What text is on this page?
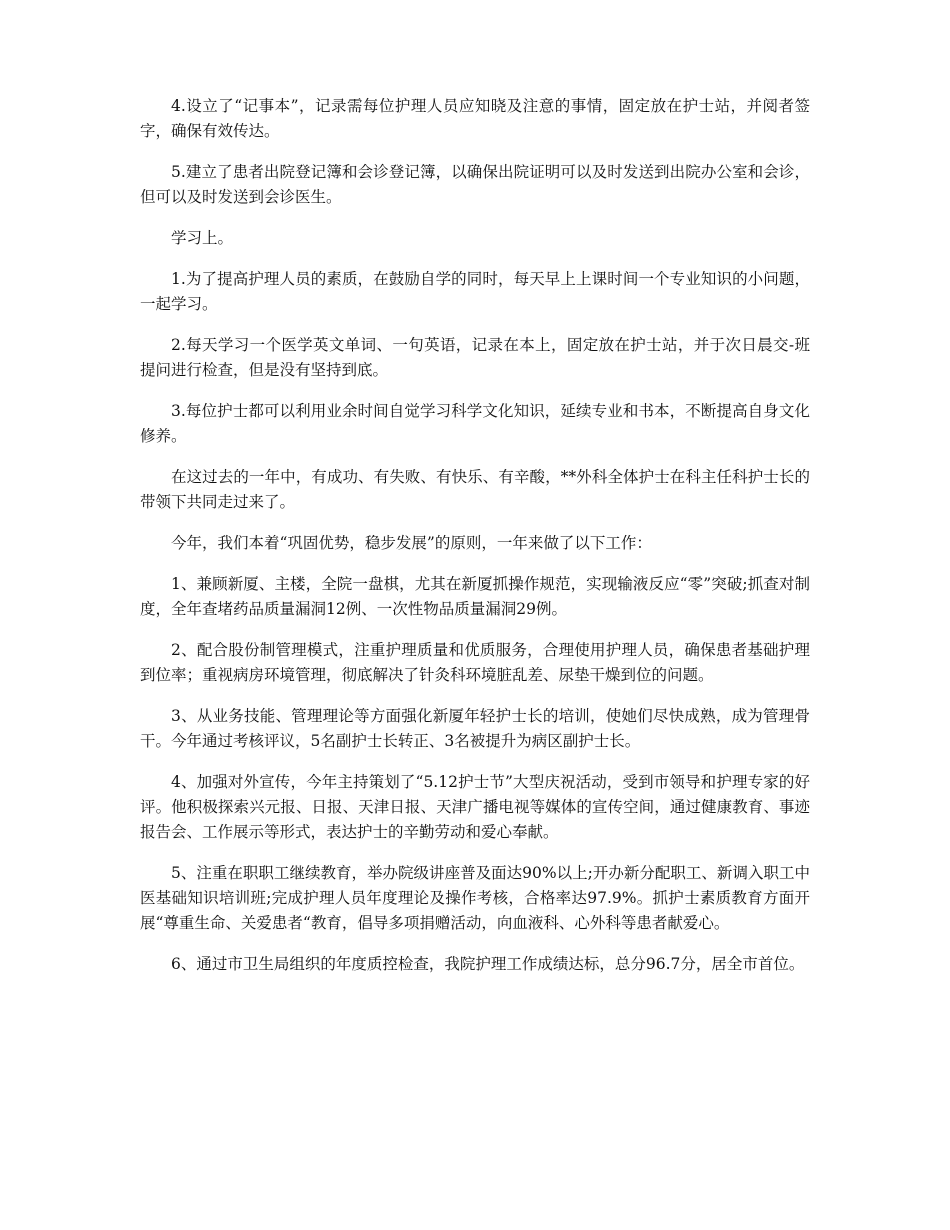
4.设立了“记事本”，记录需每位护理人员应知晓及注意的事情，固定放在护士站，并阅者签字，确保有效传达。

5.建立了患者出院登记簿和会诊登记簿，以确保出院证明可以及时发送到出院办公室和会诊，但可以及时发送到会诊医生。

学习上。

1.为了提高护理人员的素质，在鼓励自学的同时，每天早上上课时间一个专业知识的小问题，一起学习。

2.每天学习一个医学英文单词、一句英语，记录在本上，固定放在护士站，并于次日晨交-班提问进行检查，但是没有坚持到底。

3.每位护士都可以利用业余时间自觉学习科学文化知识，延续专业和书本，不断提高自身文化修养。

在这过去的一年中，有成功、有失败、有快乐、有辛酸，**外科全体护士在科主任科护士长的带领下共同走过来了。

今年，我们本着“巩固优势，稳步发展”的原则，一年来做了以下工作：

1、兼顾新厦、主楼，全院一盘棋，尤其在新厦抓操作规范，实现输液反应“零”突破;抓查对制度，全年查堵药品质量漏洞12例、一次性物品质量漏洞29例。

2、配合股份制管理模式，注重护理质量和优质服务，合理使用护理人员，确保患者基础护理到位率；重视病房环境管理，彻底解决了针灸科环境脏乱差、尿垫干燥到位的问题。

3、从业务技能、管理理论等方面强化新厦年轻护士长的培训，使她们尽快成熟，成为管理骨干。今年通过考核评议，5名副护士长转正、3名被提升为病区副护士长。

4、加强对外宣传，今年主持策划了“5.12护士节”大型庆祝活动，受到市领导和护理专家的好评。他积极探索兴元报、日报、天津日报、天津广播电视等媒体的宣传空间，通过健康教育、事迹报告会、工作展示等形式，表达护士的辛勤劳动和爱心奉献。

5、注重在职职工继续教育，举办院级讲座普及面达90%以上;开办新分配职工、新调入职工中医基础知识培训班;完成护理人员年度理论及操作考核，合格率达97.9%。抓护士素质教育方面开展“尊重生命、关爱患者“教育，倡导多项捐赠活动，向血液科、心外科等患者献爱心。

6、通过市卫生局组织的年度质控检查，我院护理工作成绩达标，总分96.7分，居全市首位。
